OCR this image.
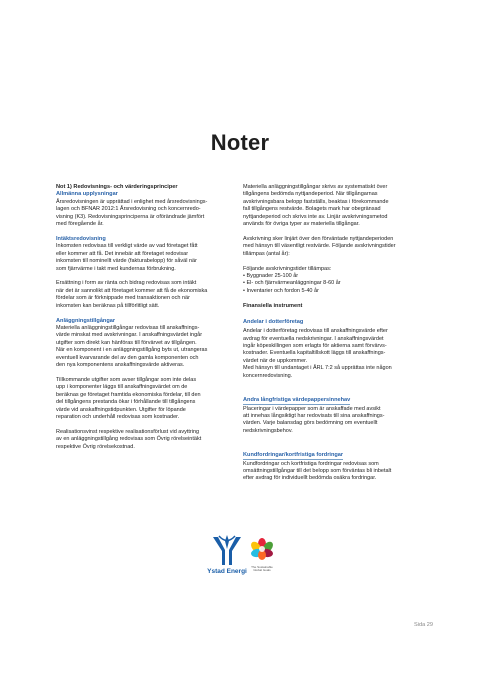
Noter
Not 1) Redovisnings- och värderingsprinciper
Allmänna upplysningar
Årsredovisningen är upprättad i enlighet med årsredovisnings-
lagen och BFNAR 2012:1 Årsredovisning och koncernredo-
visning (K3). Redovisningsprinciperna är oförändrade jämfört
med föregående år.
Intäktsredovisning
Inkomsten redovisas till verkligt värde av vad företaget fått
eller kommer att få. Det innebär att företaget redovisar
inkomsten till nominellt värde (fakturabelopp) för såväl när
som fjärrvärme i takt med kundernas förbrukning.
Ersättning i form av ränta och bidrag redovisas som intäkt
när det är sannolikt att företaget kommer att få de ekonomiska
fördelar som är förknippade med transaktionen och när
inkomsten kan beräknas på tillförlitligt sätt.
Anläggningstillgångar
Materiella anläggningstillgångar redovisas till anskaffnings-
värde minskat med avskrivningar. I anskaffningsvärdet ingår
utgifter som direkt kan hänföras till förvärvet av tillgången.
När en komponent i en anläggningstillgång byts ut, utrangeras
eventuell kvarvarande del av den gamla komponenten och
den nya komponentens anskaffningsvärde aktiveras.
Tillkommande utgifter som avser tillgångar som inte delas
upp i komponenter läggs till anskaffningsvärdet om de
beräknas ge företaget framtida ekonomiska fördelar, till den
del tillgångens prestanda ökar i förhållande till tillgångens
värde vid anskaffningstidpunkten. Utgifter för löpande
reparation och underhåll redovisas som kostnader.
Realisationsvinst respektive realisationsförlust vid avyttring
av en anläggningstillgång redovisas som Övrig rörelseintäkt
respektive Övrig rörelsekostnad.
Materiella anläggningstillgångar skrivs av systematiskt över
tillgångens bedömda nyttjandeperiod. När tillgångarnas
avskrivningsbara belopp fastställs, beaktas i förekommande
fall tillgångens restvärde. Bolagets mark har obegränsad
nyttjandeperiod och skrivs inte av. Linjär avskrivningsmetod
används för övriga typer av materiella tillgångar.
Avskrivning sker linjärt över den förväntade nyttjandeperioden
med hänsyn till väsentligt restvärde. Följande avskrivningstider
tillämpas (antal år):
Följande avskrivningstider tillämpas:
• Byggnader 25-100 år
• El- och fjärrvärmeanläggningar 8-60 år
• Inventarier och fordon 5-40 år
Finansiella instrument
Andelar i dotterföretag
Andelar i dotterföretag redovisas till anskaffningsvärde efter
avdrag för eventuella nedskrivningar. I anskaffningsvärdet
ingår köpeskillingen som erlagts för aktierna samt förvärvs-
kostnader. Eventuella kapitaltillskott läggs till anskaffnings-
värdet när de uppkommer.
Med hänsyn till undantaget i ÅRL 7:2 så upprättas inte någon
koncernredovisning.
Andra långfristiga värdepappersinnehav
Placeringar i värdepapper som är anskaffade med avsikt
att innehas långsiktigt har redovisats till sina anskaffnings-
värden. Varje balansdag görs bedömning om eventuellt
nedskrivningsbehov.
Kundfordringar/kortfristiga fordringar
Kundfordringar och kortfristiga fordringar redovisas som
omsättningstillgångar till det belopp som förväntas bli inbetalt
efter avdrag för individuellt bedömda osäkra fordringar.
Ystad Energi
The Sustainable
Global Goals
Sida 29
